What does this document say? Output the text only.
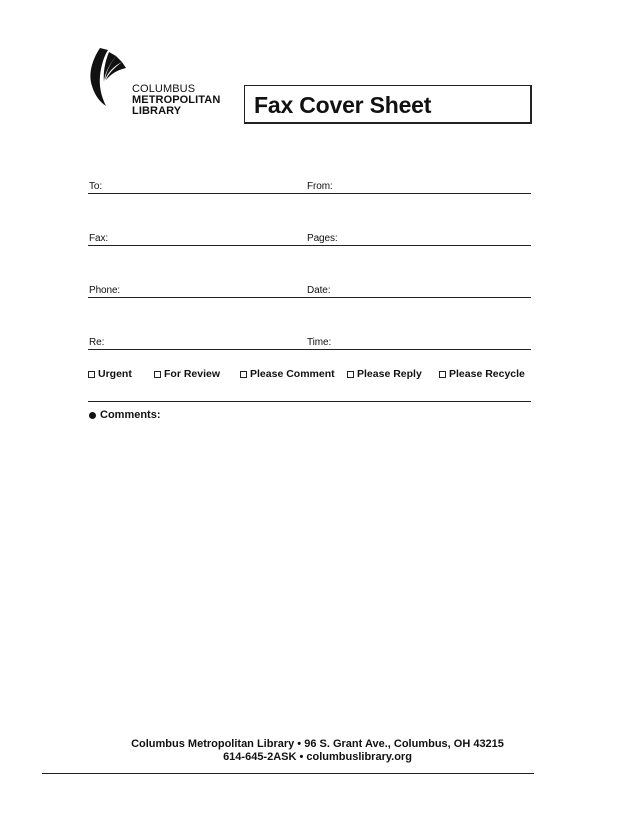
COLUMBUS
METROPOLITAN
LIBRARY	Fax Cover Sheet
To:	From:
Fax:	Pages:
Phone:	Date:
Re:	Time:
Urgent	For Review	Please Comment Please Reply	Please Recycle
Comments:
Columbus Metropolitan Library • 96 S. Grant Ave., Columbus, OH 43215
614-645-2ASK • columbuslibrary.org
